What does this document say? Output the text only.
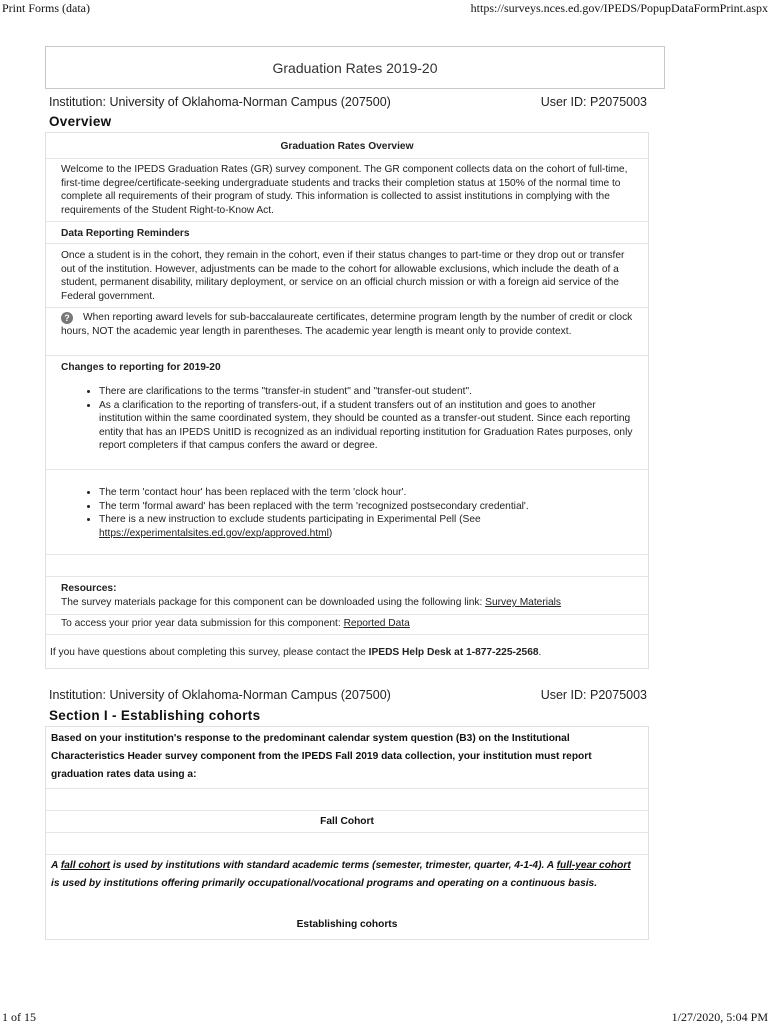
Print Forms (data)	https://surveys.nces.ed.gov/IPEDS/PopupDataFormPrint.aspx
1 of 15	1/27/2020, 5:04 PM
Graduation Rates 2019-20
Institution: University of Oklahoma-Norman Campus (207500)	User ID: P2075003
Overview
Graduation Rates Overview
Welcome to the IPEDS Graduation Rates (GR) survey component. The GR component collects data on the cohort of full-time, first-time degree/certificate-seeking undergraduate students and tracks their completion status at 150% of the normal time to complete all requirements of their program of study. This information is collected to assist institutions in complying with the requirements of the Student Right-to-Know Act.
Data Reporting Reminders
Once a student is in the cohort, they remain in the cohort, even if their status changes to part-time or they drop out or transfer out of the institution. However, adjustments can be made to the cohort for allowable exclusions, which include the death of a student, permanent disability, military deployment, or service on an official church mission or with a foreign aid service of the Federal government.
? When reporting award levels for sub-baccalaureate certificates, determine program length by the number of credit or clock hours, NOT the academic year length in parentheses. The academic year length is meant only to provide context.
Changes to reporting for 2019-20
• There are clarifications to the terms "transfer-in student" and "transfer-out student".
• As a clarification to the reporting of transfers-out, if a student transfers out of an institution and goes to another institution within the same coordinated system, they should be counted as a transfer-out student. Since each reporting entity that has an IPEDS UnitID is recognized as an individual reporting institution for Graduation Rates purposes, only report completers if that campus confers the award or degree.
• The term 'contact hour' has been replaced with the term 'clock hour'.
• The term 'formal award' has been replaced with the term 'recognized postsecondary credential'.
• There is a new instruction to exclude students participating in Experimental Pell (See https://experimentalsites.ed.gov/exp/approved.html)
Resources:
The survey materials package for this component can be downloaded using the following link: Survey Materials
To access your prior year data submission for this component: Reported Data
If you have questions about completing this survey, please contact the IPEDS Help Desk at 1-877-225-2568.
Institution: University of Oklahoma-Norman Campus (207500)	User ID: P2075003
Section I - Establishing cohorts
Based on your institution's response to the predominant calendar system question (B3) on the Institutional Characteristics Header survey component from the IPEDS Fall 2019 data collection, your institution must report graduation rates data using a:
Fall Cohort
A fall cohort is used by institutions with standard academic terms (semester, trimester, quarter, 4-1-4). A full-year cohort is used by institutions offering primarily occupational/vocational programs and operating on a continuous basis.
Establishing cohorts
